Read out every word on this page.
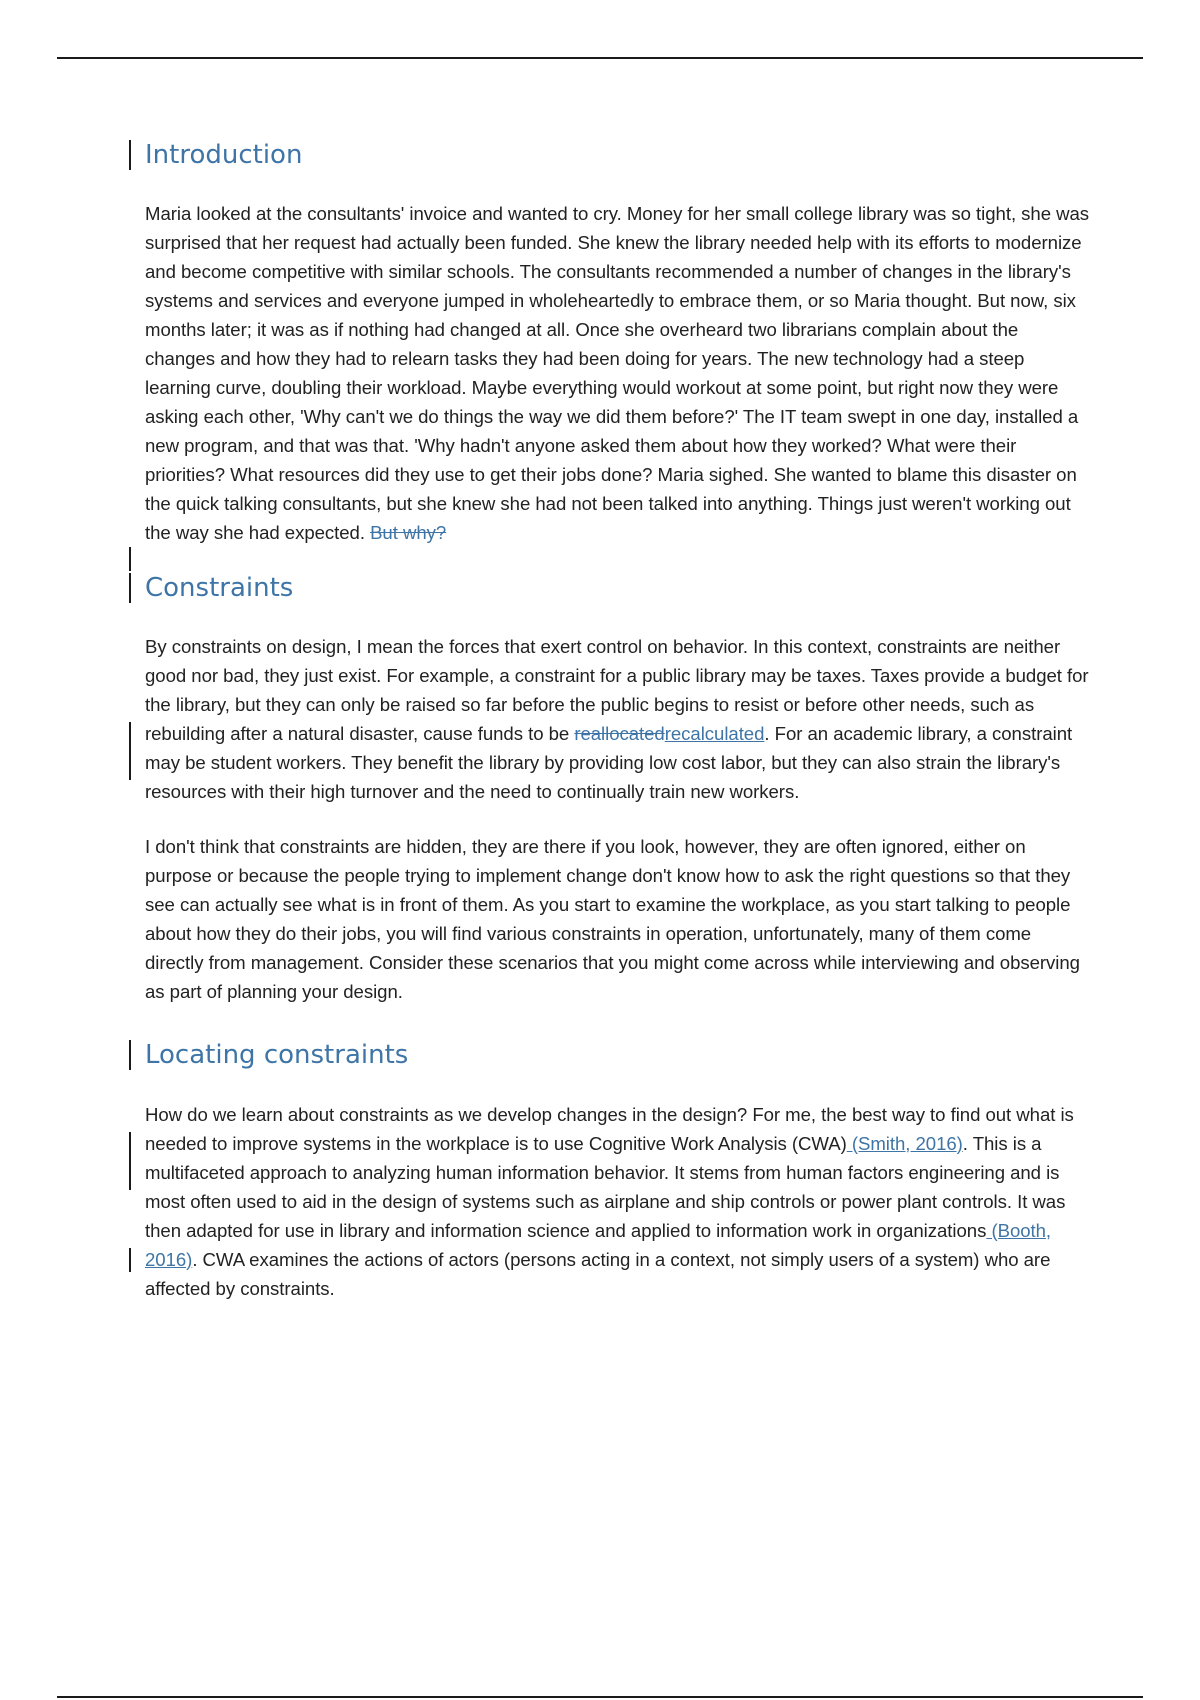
Introduction

Maria looked at the consultants' invoice and wanted to cry. Money for her small college library was so tight, she was surprised that her request had actually been funded. She knew the library needed help with its efforts to modernize and become competitive with similar schools. The consultants recommended a number of changes in the library's systems and services and everyone jumped in wholeheartedly to embrace them, or so Maria thought. But now, six months later; it was as if nothing had changed at all. Once she overheard two librarians complain about the changes and how they had to relearn tasks they had been doing for years. The new technology had a steep learning curve, doubling their workload. Maybe everything would workout at some point, but right now they were asking each other, 'Why can't we do things the way we did them before?' The IT team swept in one day, installed a new program, and that was that. 'Why hadn't anyone asked them about how they worked? What were their priorities? What resources did they use to get their jobs done? Maria sighed. She wanted to blame this disaster on the quick talking consultants, but she knew she had not been talked into anything. Things just weren't working out the way she had expected. But why?

Constraints

By constraints on design, I mean the forces that exert control on behavior. In this context, constraints are neither good nor bad, they just exist. For example, a constraint for a public library may be taxes. Taxes provide a budget for the library, but they can only be raised so far before the public begins to resist or before other needs, such as rebuilding after a natural disaster, cause funds to be reallocatedrecalculated. For an academic library, a constraint may be student workers. They benefit the library by providing low cost labor, but they can also strain the library's resources with their high turnover and the need to continually train new workers.

I don't think that constraints are hidden, they are there if you look, however, they are often ignored, either on purpose or because the people trying to implement change don't know how to ask the right questions so that they see can actually see what is in front of them. As you start to examine the workplace, as you start talking to people about how they do their jobs, you will find various constraints in operation, unfortunately, many of them come directly from management. Consider these scenarios that you might come across while interviewing and observing as part of planning your design.

Locating constraints

How do we learn about constraints as we develop changes in the design? For me, the best way to find out what is needed to improve systems in the workplace is to use Cognitive Work Analysis (CWA) (Smith, 2016). This is a multifaceted approach to analyzing human information behavior. It stems from human factors engineering and is most often used to aid in the design of systems such as airplane and ship controls or power plant controls. It was then adapted for use in library and information science and applied to information work in organizations (Booth, 2016). CWA examines the actions of actors (persons acting in a context, not simply users of a system) who are affected by constraints.
